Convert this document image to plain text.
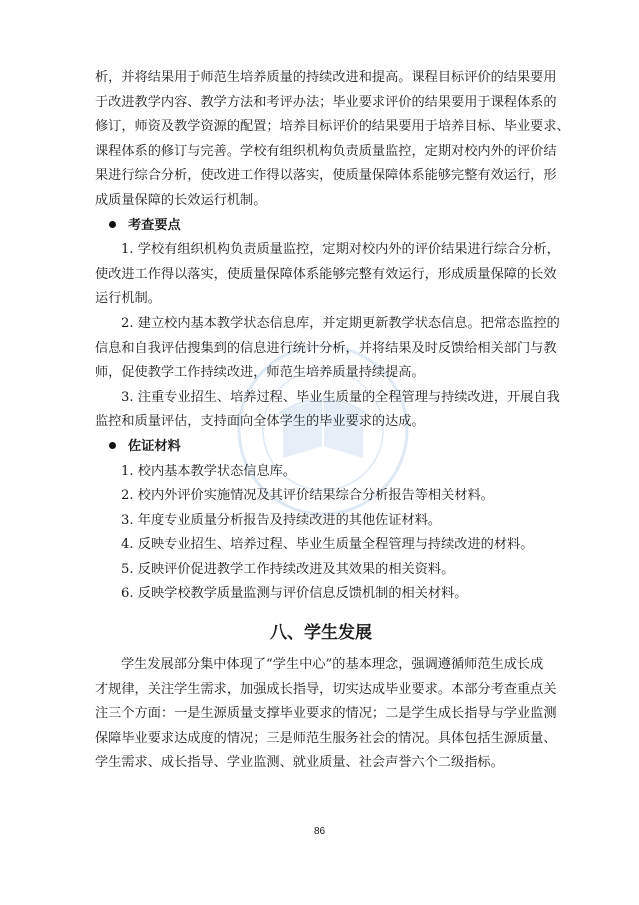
析，并将结果用于师范生培养质量的持续改进和提高。课程目标评价的结果要用
于改进教学内容、教学方法和考评办法；毕业要求评价的结果要用于课程体系的
修订，师资及教学资源的配置；培养目标评价的结果要用于培养目标、毕业要求、
课程体系的修订与完善。学校有组织机构负责质量监控，定期对校内外的评价结
果进行综合分析，使改进工作得以落实，使质量保障体系能够完整有效运行，形
成质量保障的长效运行机制。
考查要点
1. 学校有组织机构负责质量监控，定期对校内外的评价结果进行综合分析，
使改进工作得以落实，使质量保障体系能够完整有效运行，形成质量保障的长效
运行机制。
2. 建立校内基本教学状态信息库，并定期更新教学状态信息。把常态监控的
信息和自我评估搜集到的信息进行统计分析，并将结果及时反馈给相关部门与教
师，促使教学工作持续改进，师范生培养质量持续提高。
3. 注重专业招生、培养过程、毕业生质量的全程管理与持续改进，开展自我
监控和质量评估，支持面向全体学生的毕业要求的达成。
佐证材料
1. 校内基本教学状态信息库。
2. 校内外评价实施情况及其评价结果综合分析报告等相关材料。
3. 年度专业质量分析报告及持续改进的其他佐证材料。
4. 反映专业招生、培养过程、毕业生质量全程管理与持续改进的材料。
5. 反映评价促进教学工作持续改进及其效果的相关资料。
6. 反映学校教学质量监测与评价信息反馈机制的相关材料。
八、学生发展
学生发展部分集中体现了“学生中心”的基本理念，强调遵循师范生成长成
才规律，关注学生需求，加强成长指导，切实达成毕业要求。本部分考查重点关
注三个方面：一是生源质量支撑毕业要求的情况；二是学生成长指导与学业监测
保障毕业要求达成度的情况；三是师范生服务社会的情况。具体包括生源质量、
学生需求、成长指导、学业监测、就业质量、社会声誉六个二级指标。
86
